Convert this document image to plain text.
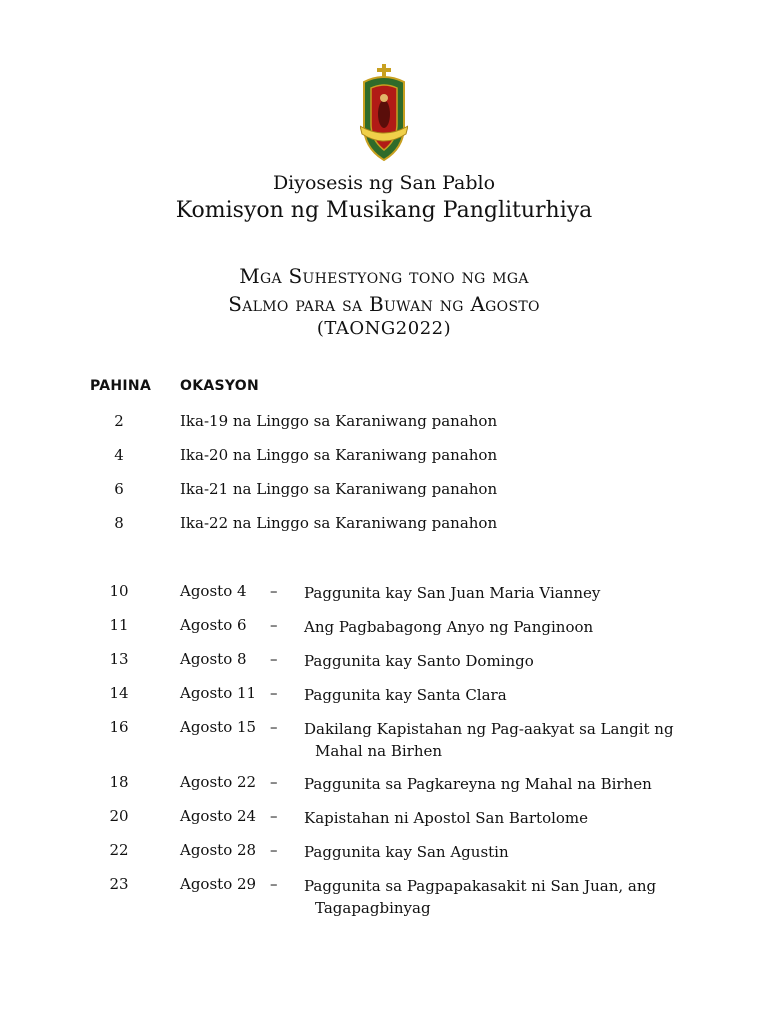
Diyosesis ng San Pablo
Komisyon ng Musikang Pangliturhiya
Mga Suhestyong tono ng mga
Salmo para sa Buwan ng Agosto
(TAONG2022)
PAHINA OKASYON
2	Ika-19 na Linggo sa Karaniwang panahon
4	Ika-20 na Linggo sa Karaniwang panahon
6	Ika-21 na Linggo sa Karaniwang panahon
8	Ika-22 na Linggo sa Karaniwang panahon
10	Agosto 4 – Paggunita kay San Juan Maria Vianney
11	Agosto 6 – Ang Pagbabagong Anyo ng Panginoon
13	Agosto 8 – Paggunita kay Santo Domingo
14	Agosto 11 – Paggunita kay Santa Clara
16	Agosto 15 – Dakilang Kapistahan ng Pag-aakyat sa Langit ng
Mahal na Birhen
18	Agosto 22 – Paggunita sa Pagkareyna ng Mahal na Birhen
20	Agosto 24 – Kapistahan ni Apostol San Bartolome
22	Agosto 28 – Paggunita kay San Agustin
23	Agosto 29 – Paggunita sa Pagpapakasakit ni San Juan, ang
Tagapagbinyag
